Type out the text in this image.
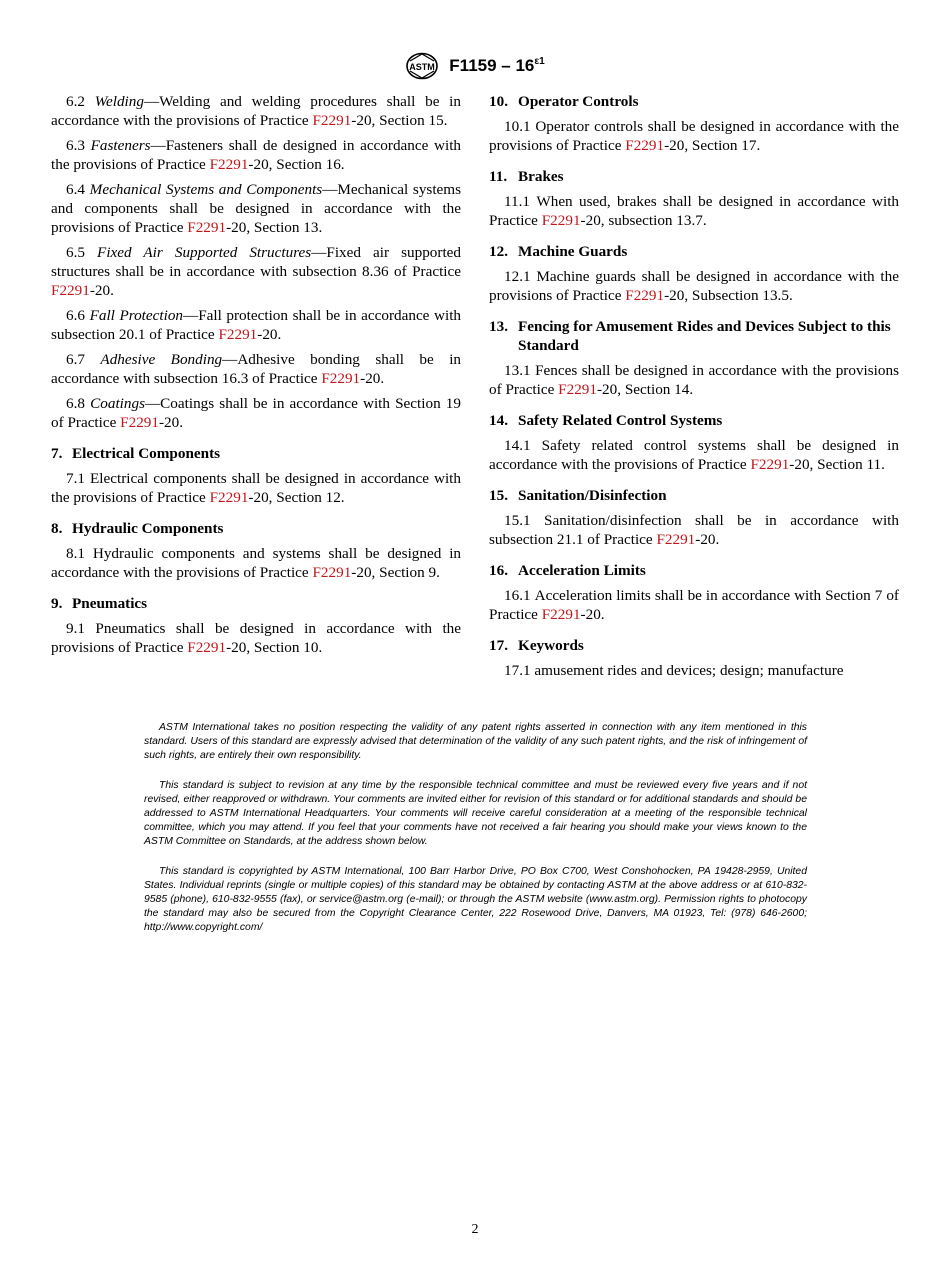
ASTM $F1159 - 16^{\varepsilon 1}$

6.2 Welding—Welding and welding procedures shall be in accordance with the provisions of Practice F2291-20, Section 15.

6.3 Fasteners—Fasteners shall de designed in accordance with the provisions of Practice F2291-20, Section 16.

6.4 Mechanical Systems and Components—Mechanical systems and components shall be designed in accordance with the provisions of Practice F2291-20, Section 13.

6.5 Fixed Air Supported Structures—Fixed air supported structures shall be in accordance with subsection 8.36 of Practice F2291-20.

6.6 Fall Protection—Fall protection shall be in accordance with subsection 20.1 of Practice F2291-20.

6.7 Adhesive Bonding—Adhesive bonding shall be in accordance with subsection 16.3 of Practice F2291-20.

6.8 Coatings—Coatings shall be in accordance with Section 19 of Practice F2291-20.

7. Electrical Components

7.1 Electrical components shall be designed in accordance with the provisions of Practice F2291-20, Section 12.

8. Hydraulic Components

8.1 Hydraulic components and systems shall be designed in accordance with the provisions of Practice F2291-20, Section 9.

9. Pneumatics

9.1 Pneumatics shall be designed in accordance with the provisions of Practice F2291-20, Section 10.

10. Operator Controls

10.1 Operator controls shall be designed in accordance with the provisions of Practice F2291-20, Section 17.

11. Brakes

11.1 When used, brakes shall be designed in accordance with Practice F2291-20, subsection 13.7.

12. Machine Guards

12.1 Machine guards shall be designed in accordance with the provisions of Practice F2291-20, Subsection 13.5.

13. Fencing for Amusement Rides and Devices Subject to this Standard

13.1 Fences shall be designed in accordance with the provisions of Practice F2291-20, Section 14.

14. Safety Related Control Systems

14.1 Safety related control systems shall be designed in accordance with the provisions of Practice F2291-20, Section 11.

15. Sanitation/Disinfection

15.1 Sanitation/disinfection shall be in accordance with subsection 21.1 of Practice F2291-20.

16. Acceleration Limits

16.1 Acceleration limits shall be in accordance with Section 7 of Practice F2291-20.

17. Keywords

17.1 amusement rides and devices; design; manufacture

ASTM International takes no position respecting the validity of any patent rights asserted in connection with any item mentioned in this standard. Users of this standard are expressly advised that determination of the validity of any such patent rights, and the risk of infringement of such rights, are entirely their own responsibility.

This standard is subject to revision at any time by the responsible technical committee and must be reviewed every five years and if not revised, either reapproved or withdrawn. Your comments are invited either for revision of this standard or for additional standards and should be addressed to ASTM International Headquarters. Your comments will receive careful consideration at a meeting of the responsible technical committee, which you may attend. If you feel that your comments have not received a fair hearing you should make your views known to the ASTM Committee on Standards, at the address shown below.

This standard is copyrighted by ASTM International, 100 Barr Harbor Drive, PO Box C700, West Conshohocken, PA 19428-2959, United States. Individual reprints (single or multiple copies) of this standard may be obtained by contacting ASTM at the above address or at 610-832-9585 (phone), 610-832-9555 (fax), or service@astm.org (e-mail); or through the ASTM website (www.astm.org). Permission rights to photocopy the standard may also be secured from the Copyright Clearance Center, 222 Rosewood Drive, Danvers, MA 01923, Tel: (978) 646-2600; http://www.copyright.com/

2
